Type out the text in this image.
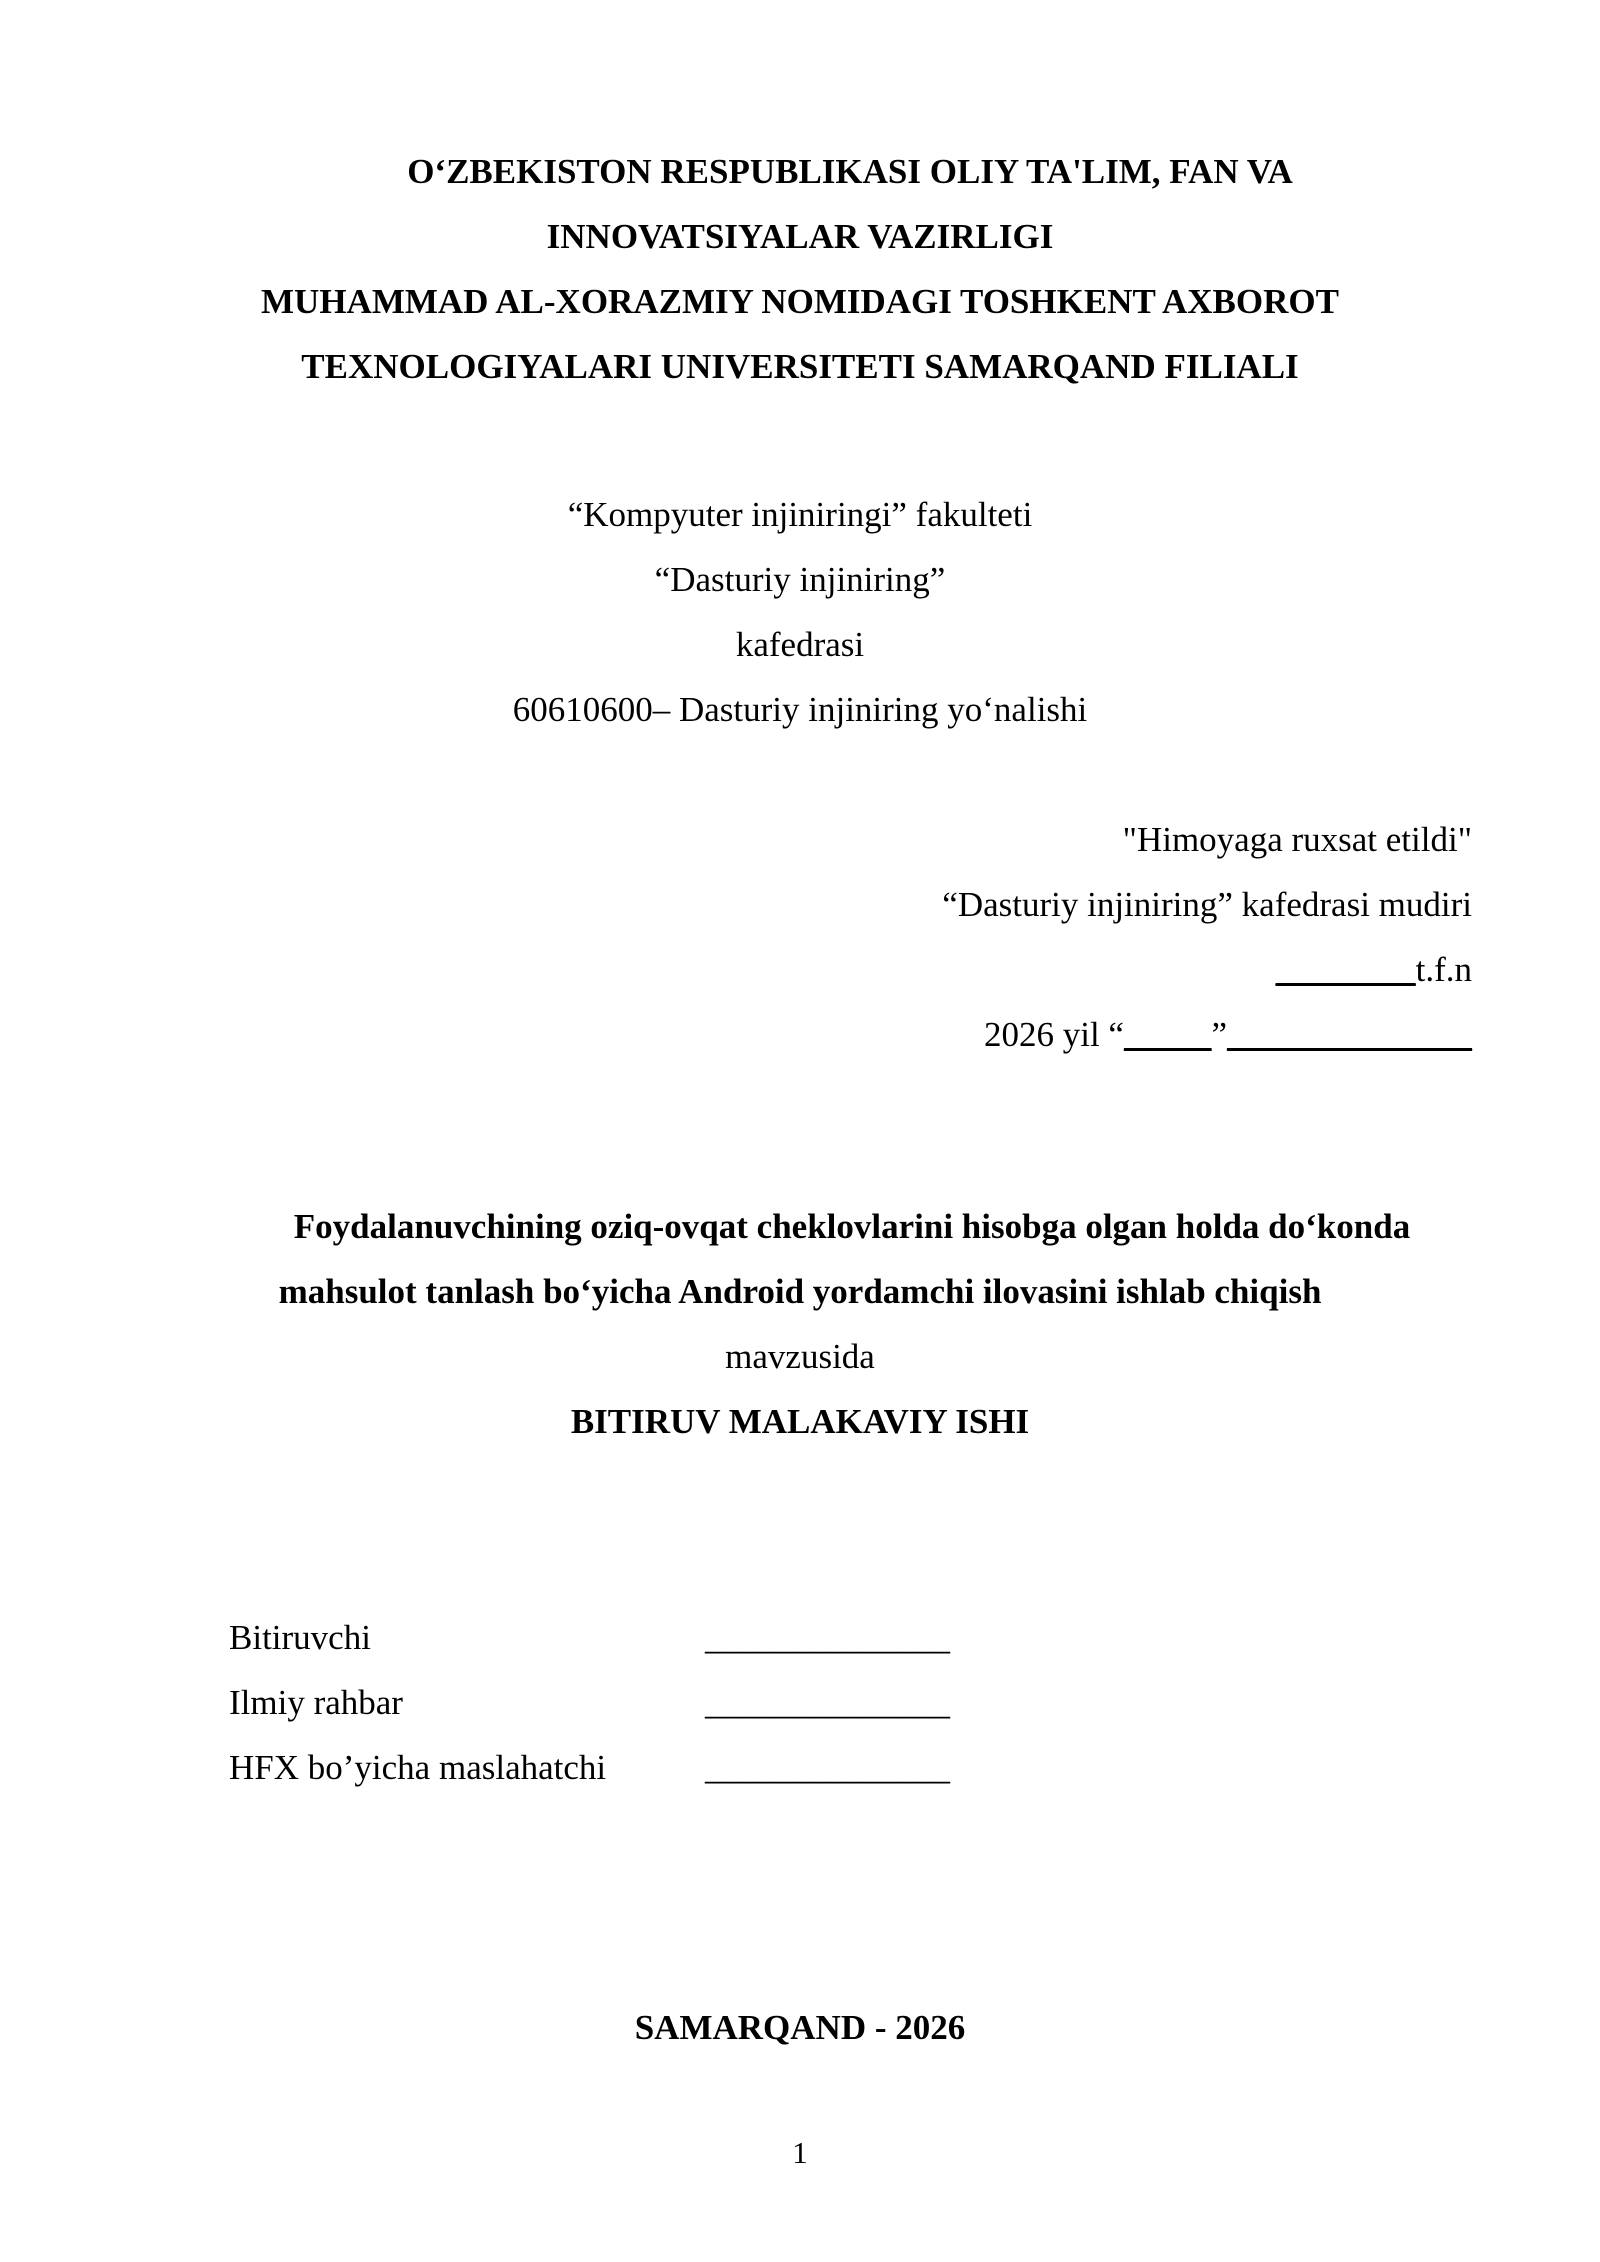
O‘ZBEKISTON RESPUBLIKASI OLIY TA'LIM, FAN VA
INNOVATSIYALAR VAZIRLIGI
MUHAMMAD AL-XORAZMIY NOMIDAGI TOSHKENT AXBOROT
TEXNOLOGIYALARI UNIVERSITETI SAMARQAND FILIALI
“Kompyuter injiniringi” fakulteti
“Dasturiy injiniring”
kafedrasi
60610600– Dasturiy injiniring yo‘nalishi
"Himoyaga ruxsat etildi"
“Dasturiy injiniring” kafedrasi mudiri
________t.f.n
2026 yil “_____”______________
Foydalanuvchining oziq-ovqat cheklovlarini hisobga olgan holda do‘konda
mahsulot tanlash bo‘yicha Android yordamchi ilovasini ishlab chiqish
mavzusida
BITIRUV MALAKAVIY ISHI
Bitiruvchi	______________
Ilmiy rahbar	______________
HFX bo’yicha maslahatchi	______________
SAMARQAND - 2026
1
